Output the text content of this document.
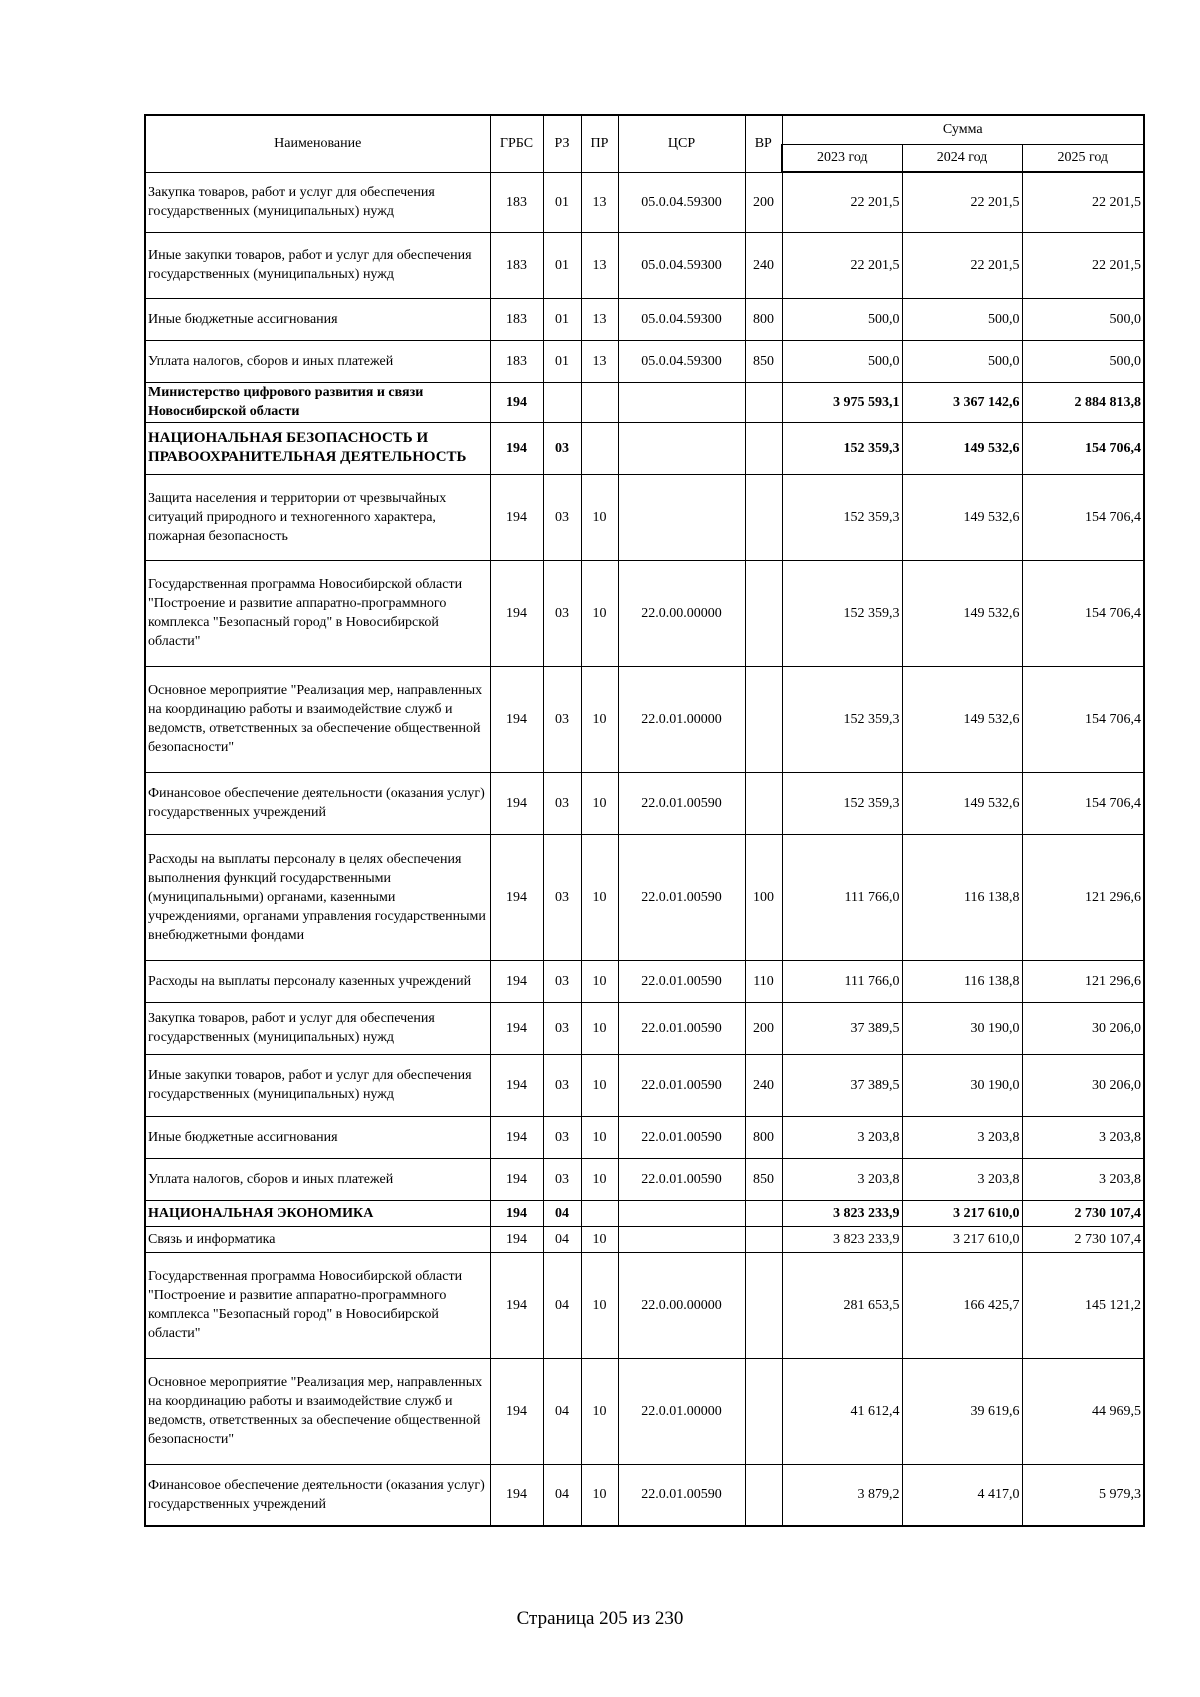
Наименование	ГРБС	РЗ	ПР	ЦСР	ВР	Сумма		
						2023 год	2024 год	2025 год
Закупка товаров, работ и услуг для обеспечения государственных (муниципальных) нужд	183	01	13	05.0.04.59300	200	22 201,5	22 201,5	22 201,5
Иные закупки товаров, работ и услуг для обеспечения государственных (муниципальных) нужд	183	01	13	05.0.04.59300	240	22 201,5	22 201,5	22 201,5
Иные бюджетные ассигнования	183	01	13	05.0.04.59300	800	500,0	500,0	500,0
Уплата налогов, сборов и иных платежей	183	01	13	05.0.04.59300	850	500,0	500,0	500,0
Министерство цифрового развития и связи Новосибирской области	194					3 975 593,1	3 367 142,6	2 884 813,8
НАЦИОНАЛЬНАЯ БЕЗОПАСНОСТЬ И ПРАВООХРАНИТЕЛЬНАЯ ДЕЯТЕЛЬНОСТЬ	194	03				152 359,3	149 532,6	154 706,4
Защита населения и территории от чрезвычайных ситуаций природного и техногенного характера, пожарная безопасность	194	03	10			152 359,3	149 532,6	154 706,4
Государственная программа Новосибирской области "Построение и развитие аппаратно-программного комплекса "Безопасный город" в Новосибирской области"	194	03	10	22.0.00.00000		152 359,3	149 532,6	154 706,4
Основное мероприятие "Реализация мер, направленных на координацию работы и взаимодействие служб и ведомств, ответственных за обеспечение общественной безопасности"	194	03	10	22.0.01.00000		152 359,3	149 532,6	154 706,4
Финансовое обеспечение деятельности (оказания услуг) государственных учреждений	194	03	10	22.0.01.00590		152 359,3	149 532,6	154 706,4
Расходы на выплаты персоналу в целях обеспечения выполнения функций государственными (муниципальными) органами, казенными учреждениями, органами управления государственными внебюджетными фондами	194	03	10	22.0.01.00590	100	111 766,0	116 138,8	121 296,6
Расходы на выплаты персоналу казенных учреждений	194	03	10	22.0.01.00590	110	111 766,0	116 138,8	121 296,6
Закупка товаров, работ и услуг для обеспечения государственных (муниципальных) нужд	194	03	10	22.0.01.00590	200	37 389,5	30 190,0	30 206,0
Иные закупки товаров, работ и услуг для обеспечения государственных (муниципальных) нужд	194	03	10	22.0.01.00590	240	37 389,5	30 190,0	30 206,0
Иные бюджетные ассигнования	194	03	10	22.0.01.00590	800	3 203,8	3 203,8	3 203,8
Уплата налогов, сборов и иных платежей	194	03	10	22.0.01.00590	850	3 203,8	3 203,8	3 203,8
НАЦИОНАЛЬНАЯ ЭКОНОМИКА	194	04				3 823 233,9	3 217 610,0	2 730 107,4
Связь и информатика	194	04	10			3 823 233,9	3 217 610,0	2 730 107,4
Государственная программа Новосибирской области "Построение и развитие аппаратно-программного комплекса "Безопасный город" в Новосибирской области"	194	04	10	22.0.00.00000		281 653,5	166 425,7	145 121,2
Основное мероприятие "Реализация мер, направленных на координацию работы и взаимодействие служб и ведомств, ответственных за обеспечение общественной безопасности"	194	04	10	22.0.01.00000		41 612,4	39 619,6	44 969,5
Финансовое обеспечение деятельности (оказания услуг) государственных учреждений	194	04	10	22.0.01.00590		3 879,2	4 417,0	5 979,3
Страница 205 из 230
